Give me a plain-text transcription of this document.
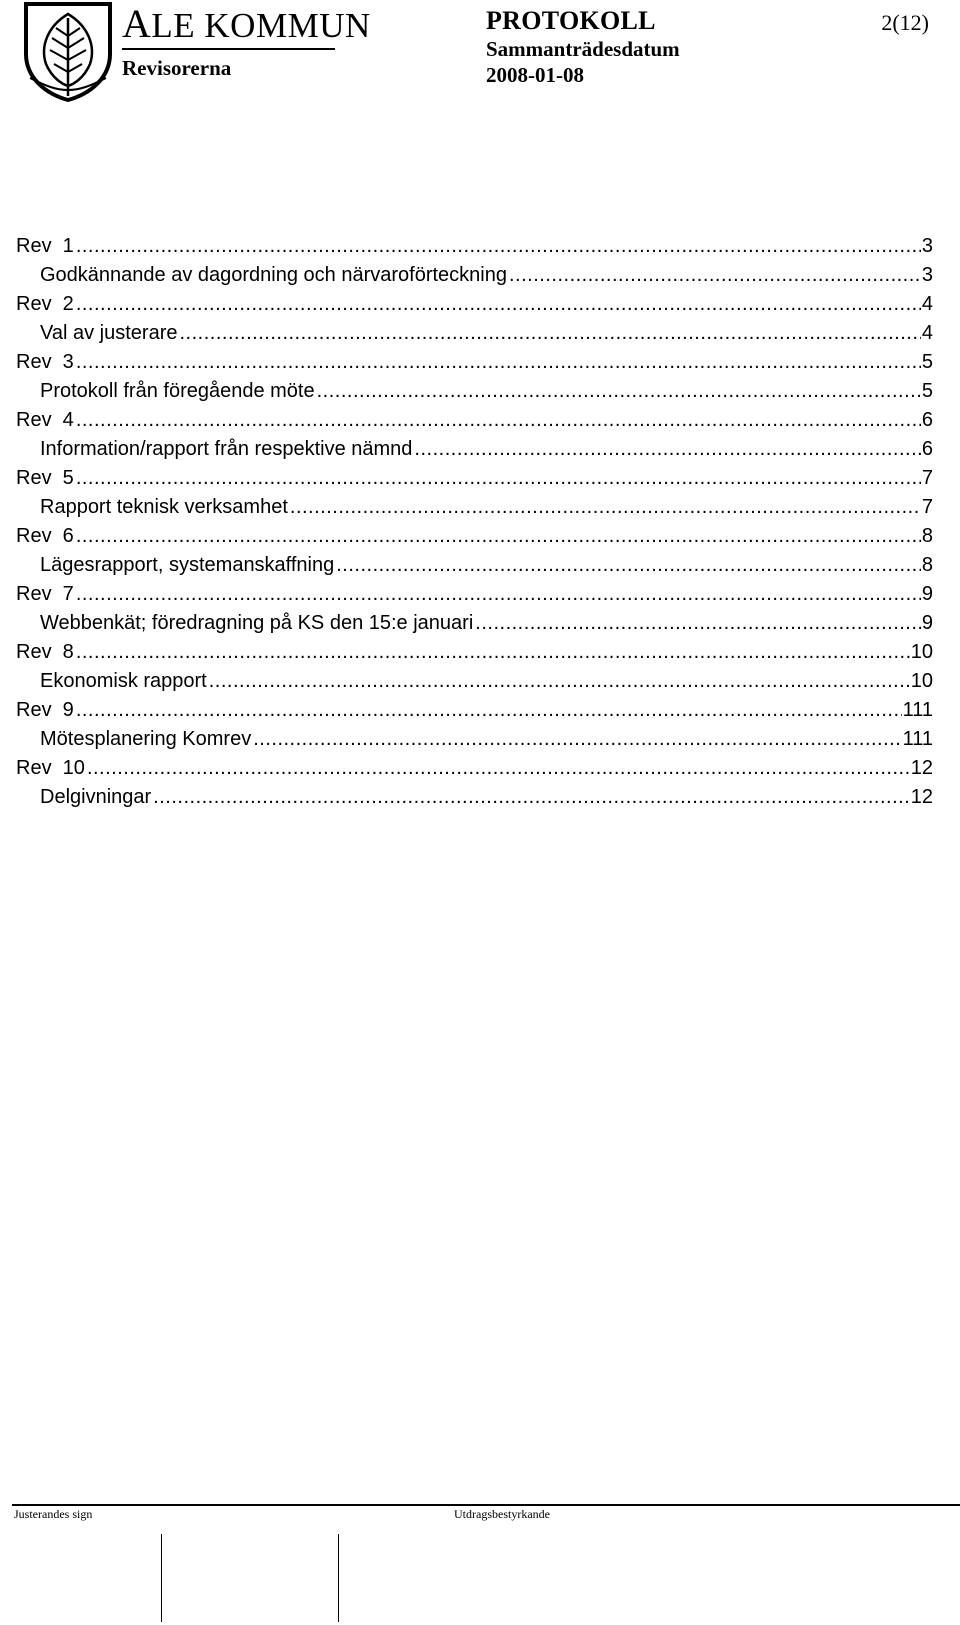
ALE KOMMUN
Revisorerna
PROTOKOLL
Sammanträdesdatum
2008-01-08
2(12)
Rev  1 .....	3
Godkännande av dagordning och närvaroförteckning .....	3
Rev  2 .....	4
Val av justerare .....	4
Rev  3 .....	5
Protokoll från föregående möte .....	5
Rev  4 .....	6
Information/rapport från respektive nämnd .....	6
Rev  5 .....	7
Rapport teknisk verksamhet .....	7
Rev  6 .....	8
Lägesrapport, systemanskaffning .....	8
Rev  7 .....	9
Webbenkät; föredragning på KS den 15:e januari .....	9
Rev  8 .....	10
Ekonomisk rapport .....	10
Rev  9 .....	111
Mötesplanering Komrev .....	111
Rev  10 .....	12
Delgivningar .....	12
Justerandes sign	Utdragsbestyrkande
